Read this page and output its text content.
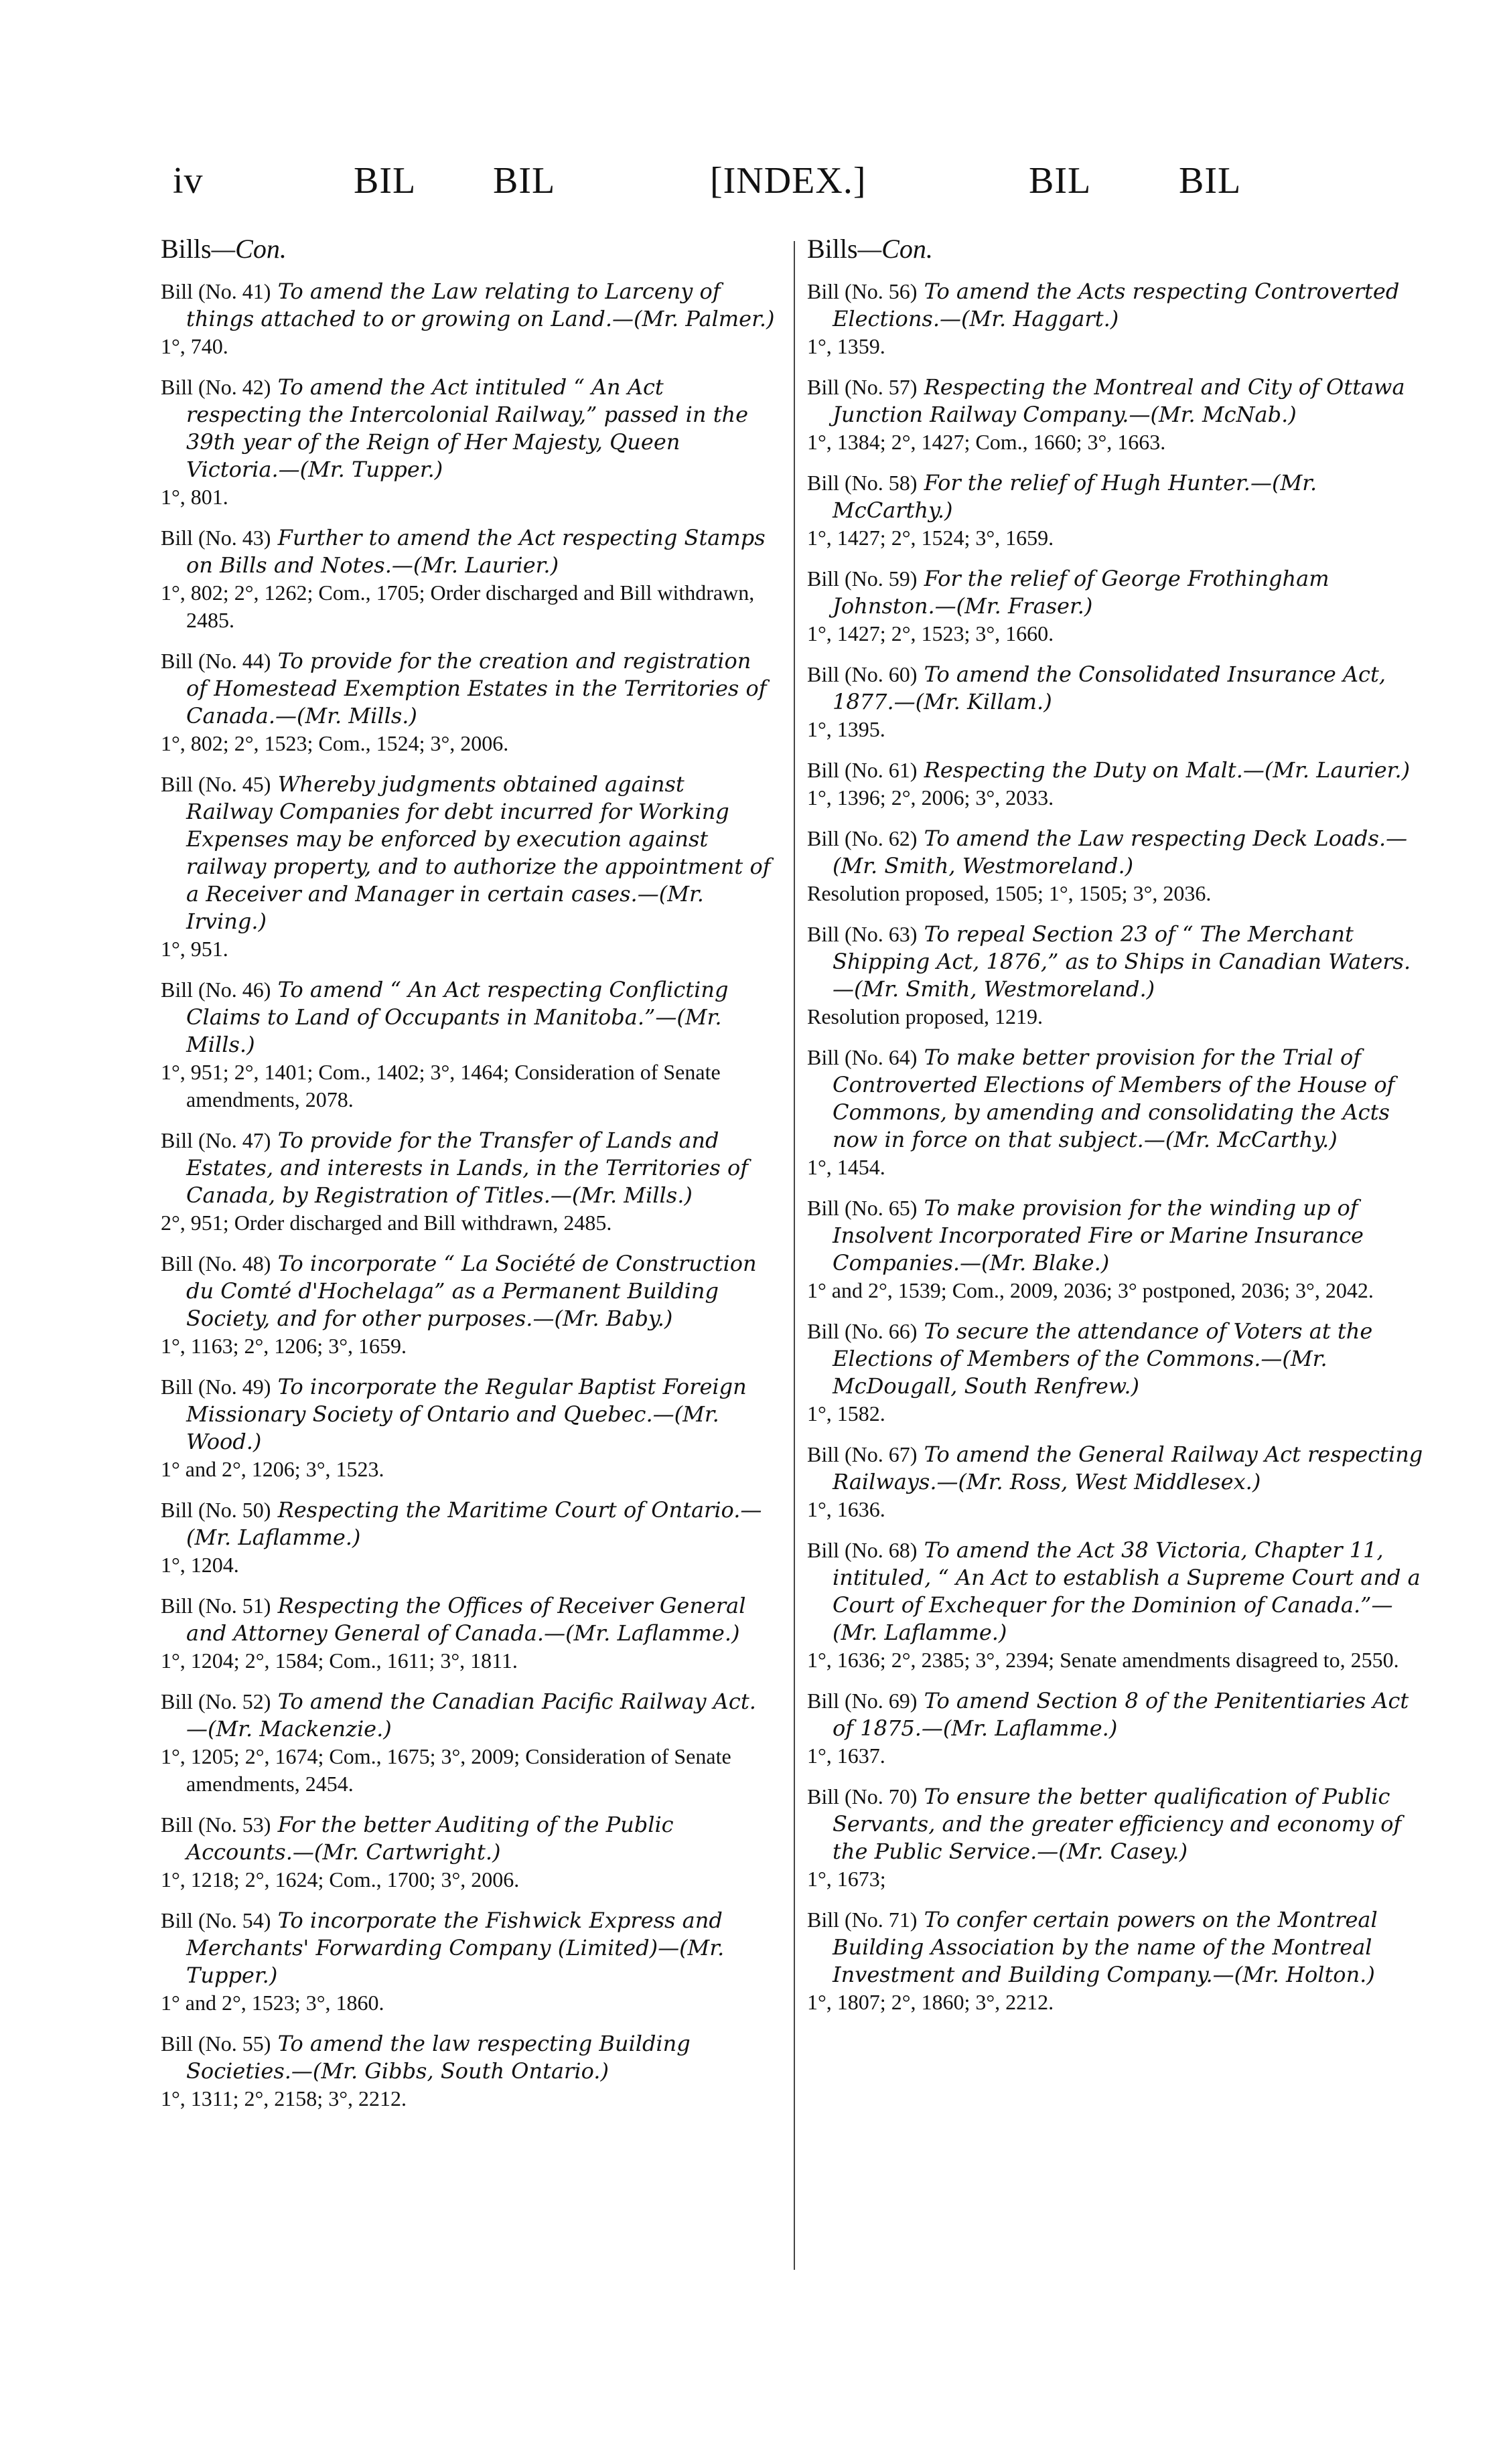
iv	BIL BIL	[INDEX.]	BIL BIL
Bills—Con.
Bill (No. 41) To amend the Law relating to Larceny of things attached to or growing on Land.—(Mr. Palmer.)
1°, 740.
Bill (No. 42) To amend the Act intituled “ An Act respecting the Intercolonial Railway,” passed in the 39th year of the Reign of Her Majesty, Queen Victoria.—(Mr. Tupper.)
1°, 801.
Bill (No. 43) Further to amend the Act respecting Stamps on Bills and Notes.—(Mr. Laurier.)
1°, 802; 2°, 1262; Com., 1705; Order discharged and Bill withdrawn, 2485.
Bill (No. 44) To provide for the creation and registration of Homestead Exemption Estates in the Territories of Canada.—(Mr. Mills.)
1°, 802; 2°, 1523; Com., 1524; 3°, 2006.
Bill (No. 45) Whereby judgments obtained against Railway Companies for debt incurred for Working Expenses may be enforced by execution against railway property, and to authorize the appointment of a Receiver and Manager in certain cases.—(Mr. Irving.)
1°, 951.
Bill (No. 46) To amend “ An Act respecting Conflicting Claims to Land of Occupants in Manitoba.”—(Mr. Mills.)
1°, 951; 2°, 1401; Com., 1402; 3°, 1464; Consideration of Senate amendments, 2078.
Bill (No. 47) To provide for the Transfer of Lands and Estates, and interests in Lands, in the Territories of Canada, by Registration of Titles.—(Mr. Mills.)
2°, 951; Order discharged and Bill withdrawn, 2485.
Bill (No. 48) To incorporate “ La Société de Construction du Comté d'Hochelaga” as a Permanent Building Society, and for other purposes.—(Mr. Baby.)
1°, 1163; 2°, 1206; 3°, 1659.
Bill (No. 49) To incorporate the Regular Baptist Foreign Missionary Society of Ontario and Quebec.—(Mr. Wood.)
1° and 2°, 1206; 3°, 1523.
Bill (No. 50) Respecting the Maritime Court of Ontario.—(Mr. Laflamme.)
1°, 1204.
Bill (No. 51) Respecting the Offices of Receiver General and Attorney General of Canada.—(Mr. Laflamme.)
1°, 1204; 2°, 1584; Com., 1611; 3°, 1811.
Bill (No. 52) To amend the Canadian Pacific Railway Act.—(Mr. Mackenzie.)
1°, 1205; 2°, 1674; Com., 1675; 3°, 2009; Consideration of Senate amendments, 2454.
Bill (No. 53) For the better Auditing of the Public Accounts.—(Mr. Cartwright.)
1°, 1218; 2°, 1624; Com., 1700; 3°, 2006.
Bill (No. 54) To incorporate the Fishwick Express and Merchants' Forwarding Company (Limited)—(Mr. Tupper.)
1° and 2°, 1523; 3°, 1860.
Bill (No. 55) To amend the law respecting Building Societies.—(Mr. Gibbs, South Ontario.)
1°, 1311; 2°, 2158; 3°, 2212.
Bills—Con.
Bill (No. 56) To amend the Acts respecting Controverted Elections.—(Mr. Haggart.)
1°, 1359.
Bill (No. 57) Respecting the Montreal and City of Ottawa Junction Railway Company.—(Mr. McNab.)
1°, 1384; 2°, 1427; Com., 1660; 3°, 1663.
Bill (No. 58) For the relief of Hugh Hunter.—(Mr. McCarthy.)
1°, 1427; 2°, 1524; 3°, 1659.
Bill (No. 59) For the relief of George Frothingham Johnston.—(Mr. Fraser.)
1°, 1427; 2°, 1523; 3°, 1660.
Bill (No. 60) To amend the Consolidated Insurance Act, 1877.—(Mr. Killam.)
1°, 1395.
Bill (No. 61) Respecting the Duty on Malt.—(Mr. Laurier.)
1°, 1396; 2°, 2006; 3°, 2033.
Bill (No. 62) To amend the Law respecting Deck Loads.—(Mr. Smith, Westmoreland.)
Resolution proposed, 1505; 1°, 1505; 3°, 2036.
Bill (No. 63) To repeal Section 23 of “ The Merchant Shipping Act, 1876,” as to Ships in Canadian Waters.—(Mr. Smith, Westmoreland.)
Resolution proposed, 1219.
Bill (No. 64) To make better provision for the Trial of Controverted Elections of Members of the House of Commons, by amending and consolidating the Acts now in force on that subject.—(Mr. McCarthy.)
1°, 1454.
Bill (No. 65) To make provision for the winding up of Insolvent Incorporated Fire or Marine Insurance Companies.—(Mr. Blake.)
1° and 2°, 1539; Com., 2009, 2036; 3° postponed, 2036; 3°, 2042.
Bill (No. 66) To secure the attendance of Voters at the Elections of Members of the Commons.—(Mr. McDougall, South Renfrew.)
1°, 1582.
Bill (No. 67) To amend the General Railway Act respecting Railways.—(Mr. Ross, West Middlesex.)
1°, 1636.
Bill (No. 68) To amend the Act 38 Victoria, Chapter 11, intituled, “ An Act to establish a Supreme Court and a Court of Exchequer for the Dominion of Canada.”—(Mr. Laflamme.)
1°, 1636; 2°, 2385; 3°, 2394; Senate amendments disagreed to, 2550.
Bill (No. 69) To amend Section 8 of the Penitentiaries Act of 1875.—(Mr. Laflamme.)
1°, 1637.
Bill (No. 70) To ensure the better qualification of Public Servants, and the greater efficiency and economy of the Public Service.—(Mr. Casey.)
1°, 1673;
Bill (No. 71) To confer certain powers on the Montreal Building Association by the name of the Montreal Investment and Building Company.—(Mr. Holton.)
1°, 1807; 2°, 1860; 3°, 2212.
